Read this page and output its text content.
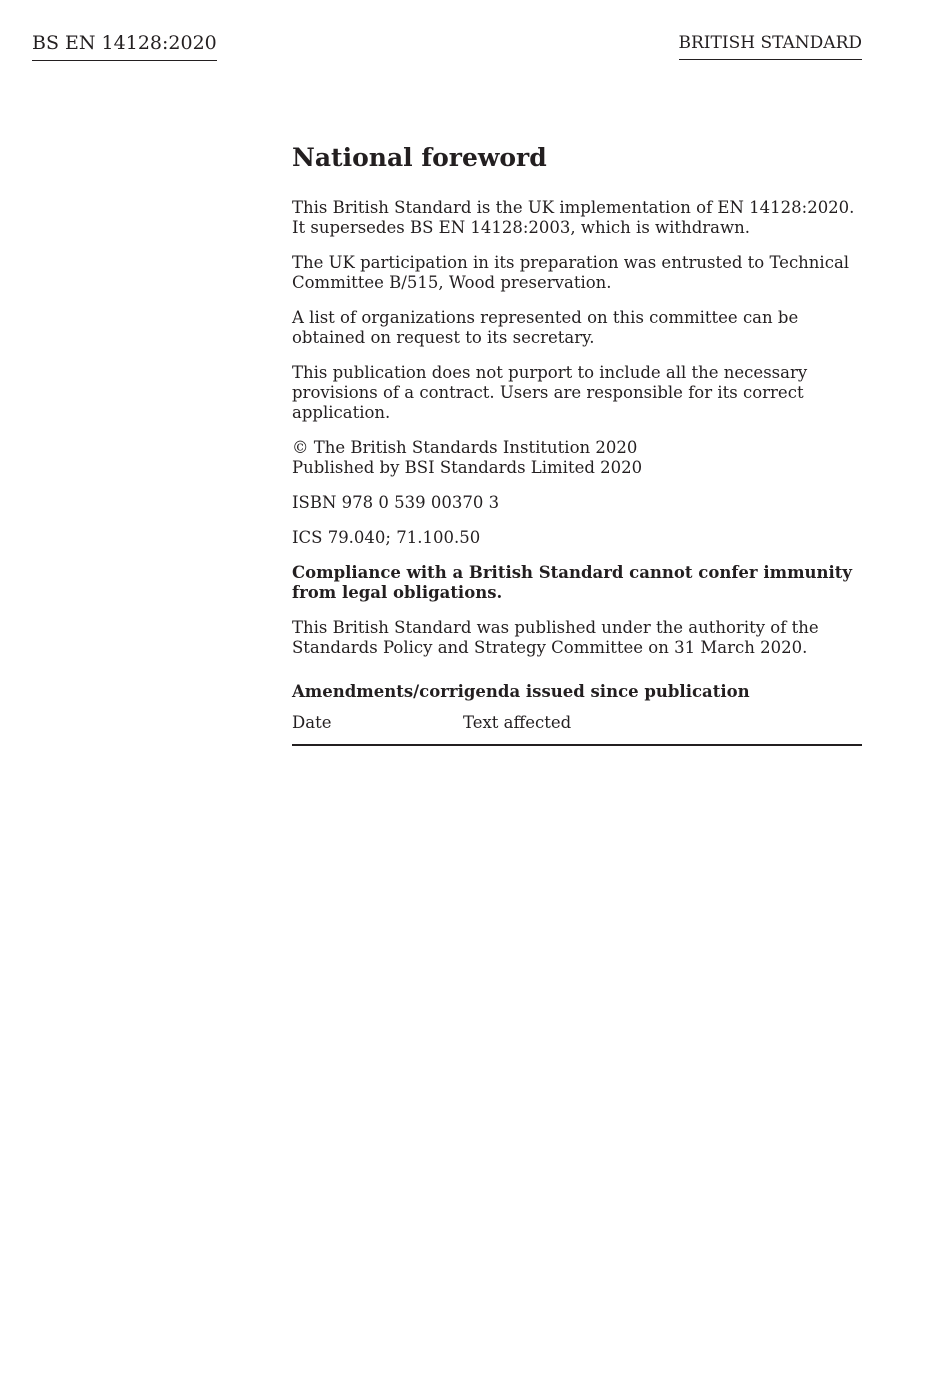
BS EN 14128:2020	BRITISH STANDARD
National foreword

This British Standard is the UK implementation of EN 14128:2020. It supersedes BS EN 14128:2003, which is withdrawn.

The UK participation in its preparation was entrusted to Technical Committee B/515, Wood preservation.

A list of organizations represented on this committee can be obtained on request to its secretary.

This publication does not purport to include all the necessary provisions of a contract. Users are responsible for its correct application.

© The British Standards Institution 2020
Published by BSI Standards Limited 2020

ISBN 978 0 539 00370 3

ICS 79.040; 71.100.50

Compliance with a British Standard cannot confer immunity from legal obligations.

This British Standard was published under the authority of the Standards Policy and Strategy Committee on 31 March 2020.

Amendments/corrigenda issued since publication
Date	Text affected
